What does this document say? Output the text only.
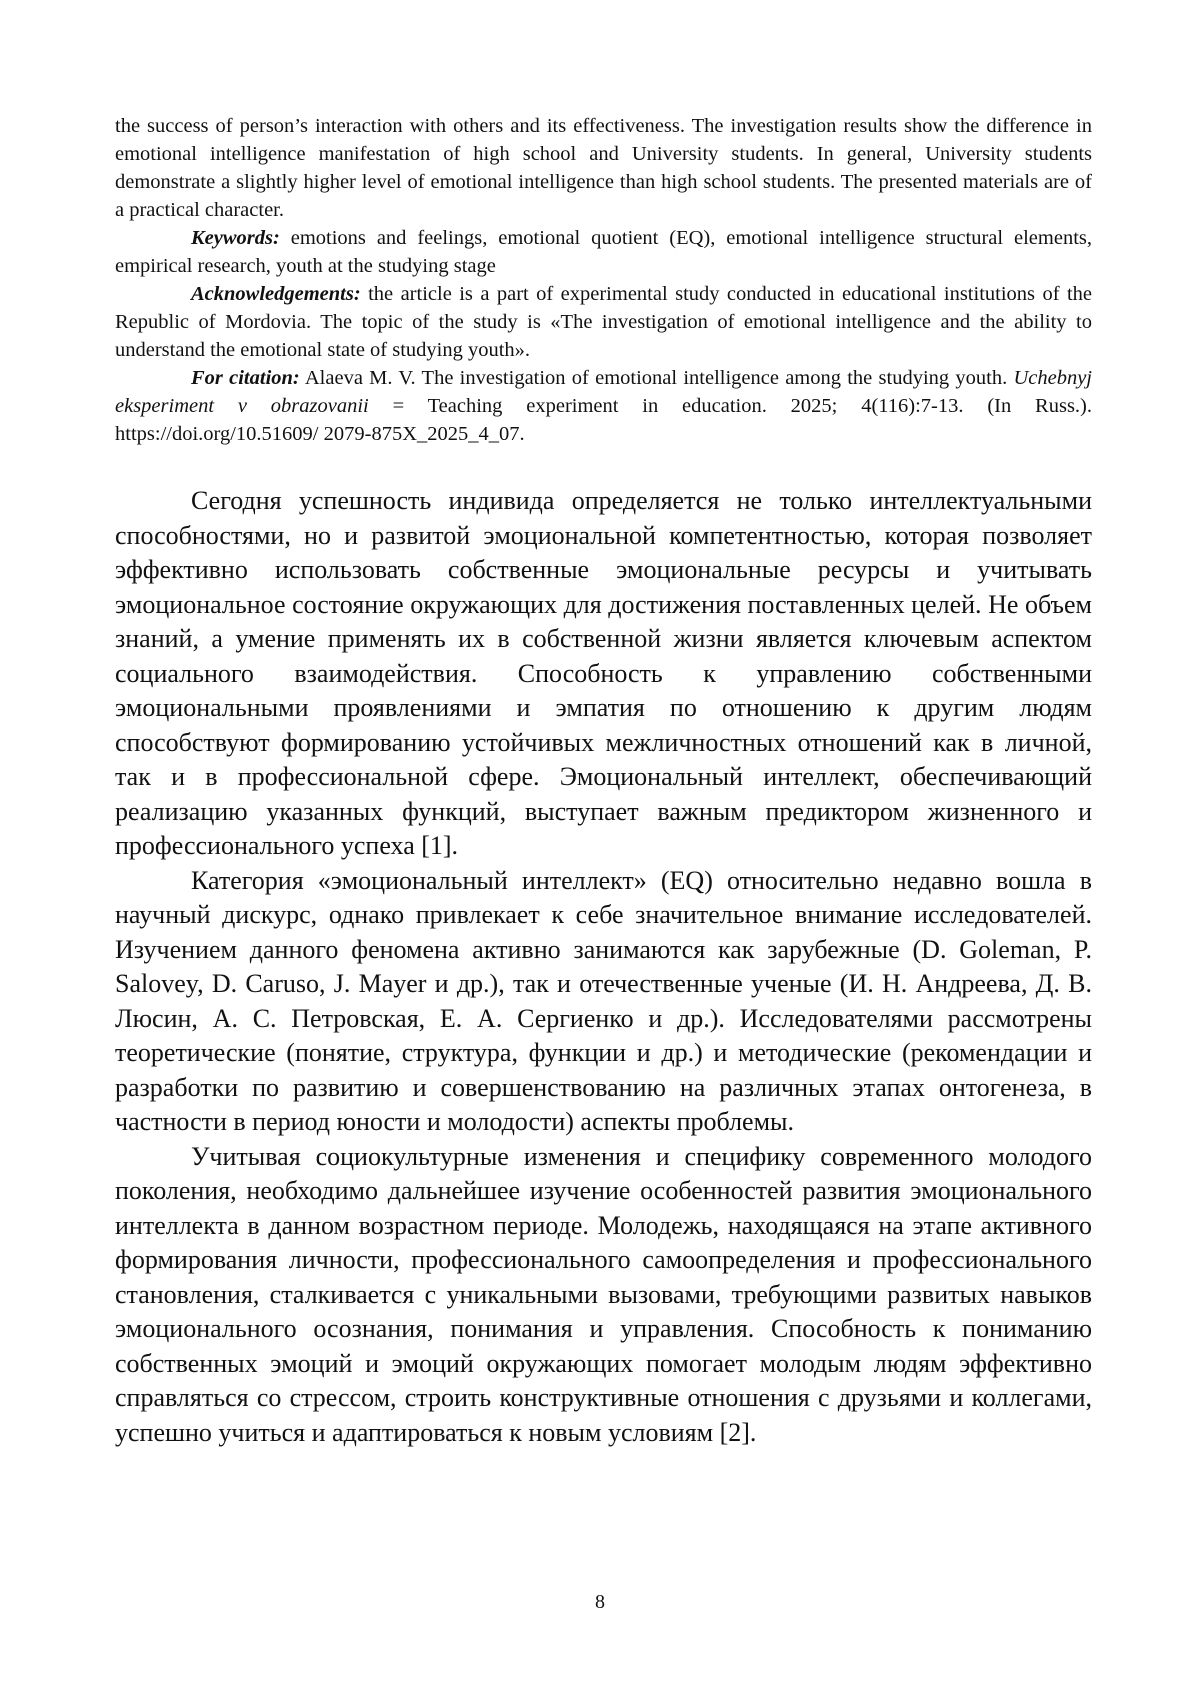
the success of person’s interaction with others and its effectiveness. The investigation results show the difference in emotional intelligence manifestation of high school and University students. In general, University students demonstrate a slightly higher level of emotional intelligence than high school students. The presented materials are of a practical character.

Keywords: emotions and feelings, emotional quotient (EQ), emotional intelligence structural elements, empirical research, youth at the studying stage

Acknowledgements: the article is a part of experimental study conducted in educational institutions of the Republic of Mordovia. The topic of the study is «The investigation of emotional intelligence and the ability to understand the emotional state of studying youth».

For citation: Alaeva M. V. The investigation of emotional intelligence among the studying youth. Uchebnyj eksperiment v obrazovanii = Teaching experiment in education. 2025; 4(116):7-13. (In Russ.). https://doi.org/10.51609/ 2079-875X_2025_4_07.

Сегодня успешность индивида определяется не только интеллектуальными способностями, но и развитой эмоциональной компетентностью, которая позволяет эффективно использовать собственные эмоциональные ресурсы и учитывать эмоциональное состояние окружающих для достижения поставленных целей. Не объем знаний, а умение применять их в собственной жизни является ключевым аспектом социального взаимодействия. Способность к управлению собственными эмоциональными проявлениями и эмпатия по отношению к другим людям способствуют формированию устойчивых межличностных отношений как в личной, так и в профессиональной сфере. Эмоциональный интеллект, обеспечивающий реализацию указанных функций, выступает важным предиктором жизненного и профессионального успеха [1].

Категория «эмоциональный интеллект» (EQ) относительно недавно вошла в научный дискурс, однако привлекает к себе значительное внимание исследователей. Изучением данного феномена активно занимаются как зарубежные (D. Goleman, P. Salovey, D. Caruso, J. Mayer и др.), так и отечественные ученые (И. Н. Андреева, Д. В. Люсин, А. С. Петровская, Е. А. Сергиенко и др.). Исследователями рассмотрены теоретические (понятие, структура, функции и др.) и методические (рекомендации и разработки по развитию и совершенствованию на различных этапах онтогенеза, в частности в период юности и молодости) аспекты проблемы.

Учитывая социокультурные изменения и специфику современного молодого поколения, необходимо дальнейшее изучение особенностей развития эмоционального интеллекта в данном возрастном периоде. Молодежь, находящаяся на этапе активного формирования личности, профессионального самоопределения и профессионального становления, сталкивается с уникальными вызовами, требующими развитых навыков эмоционального осознания, понимания и управления. Способность к пониманию собственных эмоций и эмоций окружающих помогает молодым людям эффективно справляться со стрессом, строить конструктивные отношения с друзьями и коллегами, успешно учиться и адаптироваться к новым условиям [2].

8
